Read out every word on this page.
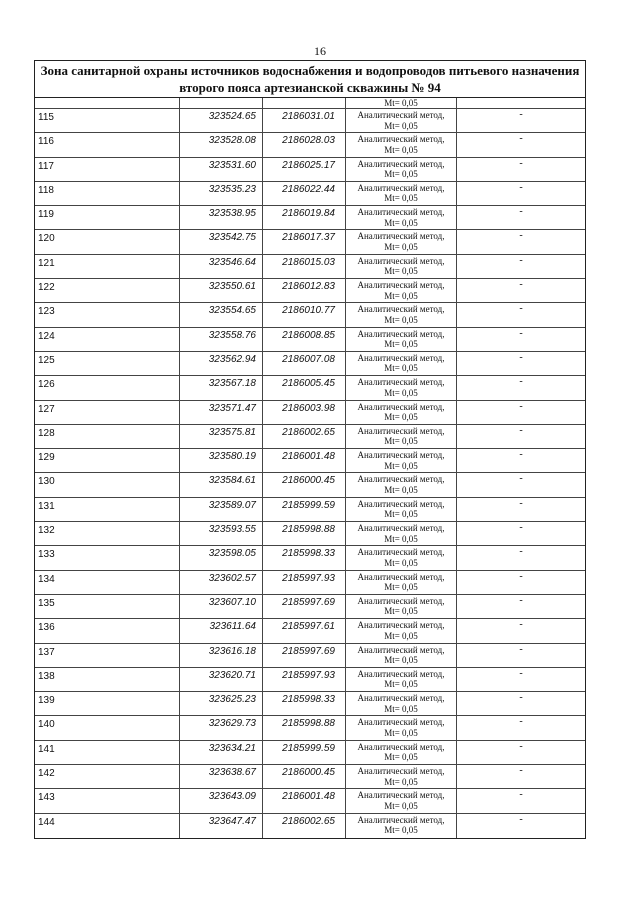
16
Зона санитарной охраны источников водоснабжения и водопроводов питьевого назначения
второго пояса артезианской скважины № 94
Mt= 0,05
115	323524.65	2186031.01	Аналитический метод,
Mt= 0,05
-
116	323528.08	2186028.03	Аналитический метод,
Mt= 0,05
-
117	323531.60	2186025.17	Аналитический метод,
Mt= 0,05
-
118	323535.23	2186022.44	Аналитический метод,
Mt= 0,05
-
119	323538.95	2186019.84	Аналитический метод,
Mt= 0,05
-
120	323542.75	2186017.37	Аналитический метод,
Mt= 0,05
-
121	323546.64	2186015.03	Аналитический метод,
Mt= 0,05
-
122	323550.61	2186012.83	Аналитический метод,
Mt= 0,05
-
123	323554.65	2186010.77	Аналитический метод,
Mt= 0,05
-
124	323558.76	2186008.85	Аналитический метод,
Mt= 0,05
-
125	323562.94	2186007.08	Аналитический метод,
Mt= 0,05
-
126	323567.18	2186005.45	Аналитический метод,
Mt= 0,05
-
127	323571.47	2186003.98	Аналитический метод,
Mt= 0,05
-
128	323575.81	2186002.65	Аналитический метод,
Mt= 0,05
-
129	323580.19	2186001.48	Аналитический метод,
Mt= 0,05
-
130	323584.61	2186000.45	Аналитический метод,
Mt= 0,05
-
131	323589.07	2185999.59	Аналитический метод,
Mt= 0,05
-
132	323593.55	2185998.88	Аналитический метод,
Mt= 0,05
-
133	323598.05	2185998.33	Аналитический метод,
Mt= 0,05
-
134	323602.57	2185997.93	Аналитический метод,
Mt= 0,05
-
135	323607.10	2185997.69	Аналитический метод,
Mt= 0,05
-
136	323611.64	2185997.61	Аналитический метод,
Mt= 0,05
-
137	323616.18	2185997.69	Аналитический метод,
Mt= 0,05
-
138	323620.71	2185997.93	Аналитический метод,
Mt= 0,05
-
139	323625.23	2185998.33	Аналитический метод,
Mt= 0,05
-
140	323629.73	2185998.88	Аналитический метод,
Mt= 0,05
-
141	323634.21	2185999.59	Аналитический метод,
Mt= 0,05
-
142	323638.67	2186000.45	Аналитический метод,
Mt= 0,05
-
143	323643.09	2186001.48	Аналитический метод,
Mt= 0,05
-
144	323647.47	2186002.65	Аналитический метод,
Mt= 0,05
-
